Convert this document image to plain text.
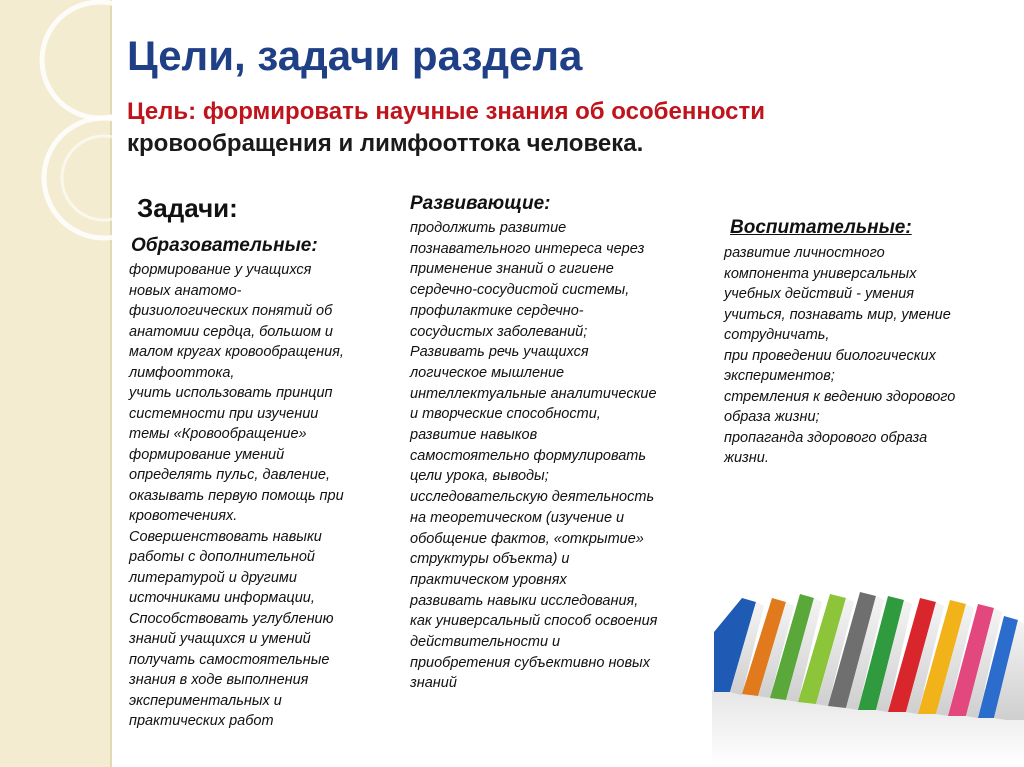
Цели, задачи раздела

Цель: формировать научные знания об особенности
кровообращения и лимфооттока человека.

Задачи:
Образовательные:
формирование у учащихся
новых анатомо-
физиологических понятий об
анатомии сердца, большом и
малом кругах кровообращения,
лимфооттока,
учить использовать принцип
системности при изучении
темы «Кровообращение»
формирование умений
определять пульс, давление,
оказывать первую помощь при
кровотечениях.
Совершенствовать навыки
работы с дополнительной
литературой и другими
источниками информации,
Способствовать углублению
знаний учащихся и умений
получать самостоятельные
знания в ходе выполнения
экспериментальных и
практических работ
Развивающие:
продолжить развитие
познавательного интереса через
применение знаний о гигиене
сердечно-сосудистой системы,
профилактике сердечно-
сосудистых заболеваний;
Развивать речь учащихся
логическое мышление
интеллектуальные аналитические
и творческие способности,
развитие навыков
самостоятельно формулировать
цели урока, выводы;
исследовательскую деятельность
на теоретическом (изучение и
обобщение фактов, «открытие»
структуры объекта) и
практическом уровнях
развивать навыки исследования,
как универсальный способ освоения
действительности и
приобретения субъективно новых
знаний
Воспитательные:
развитие личностного
компонента универсальных
учебных действий - умения
учиться, познавать мир, умение
сотрудничать,
при проведении биологических
экспериментов;
стремления к ведению здорового
образа жизни;
пропаганда здорового образа
жизни.
